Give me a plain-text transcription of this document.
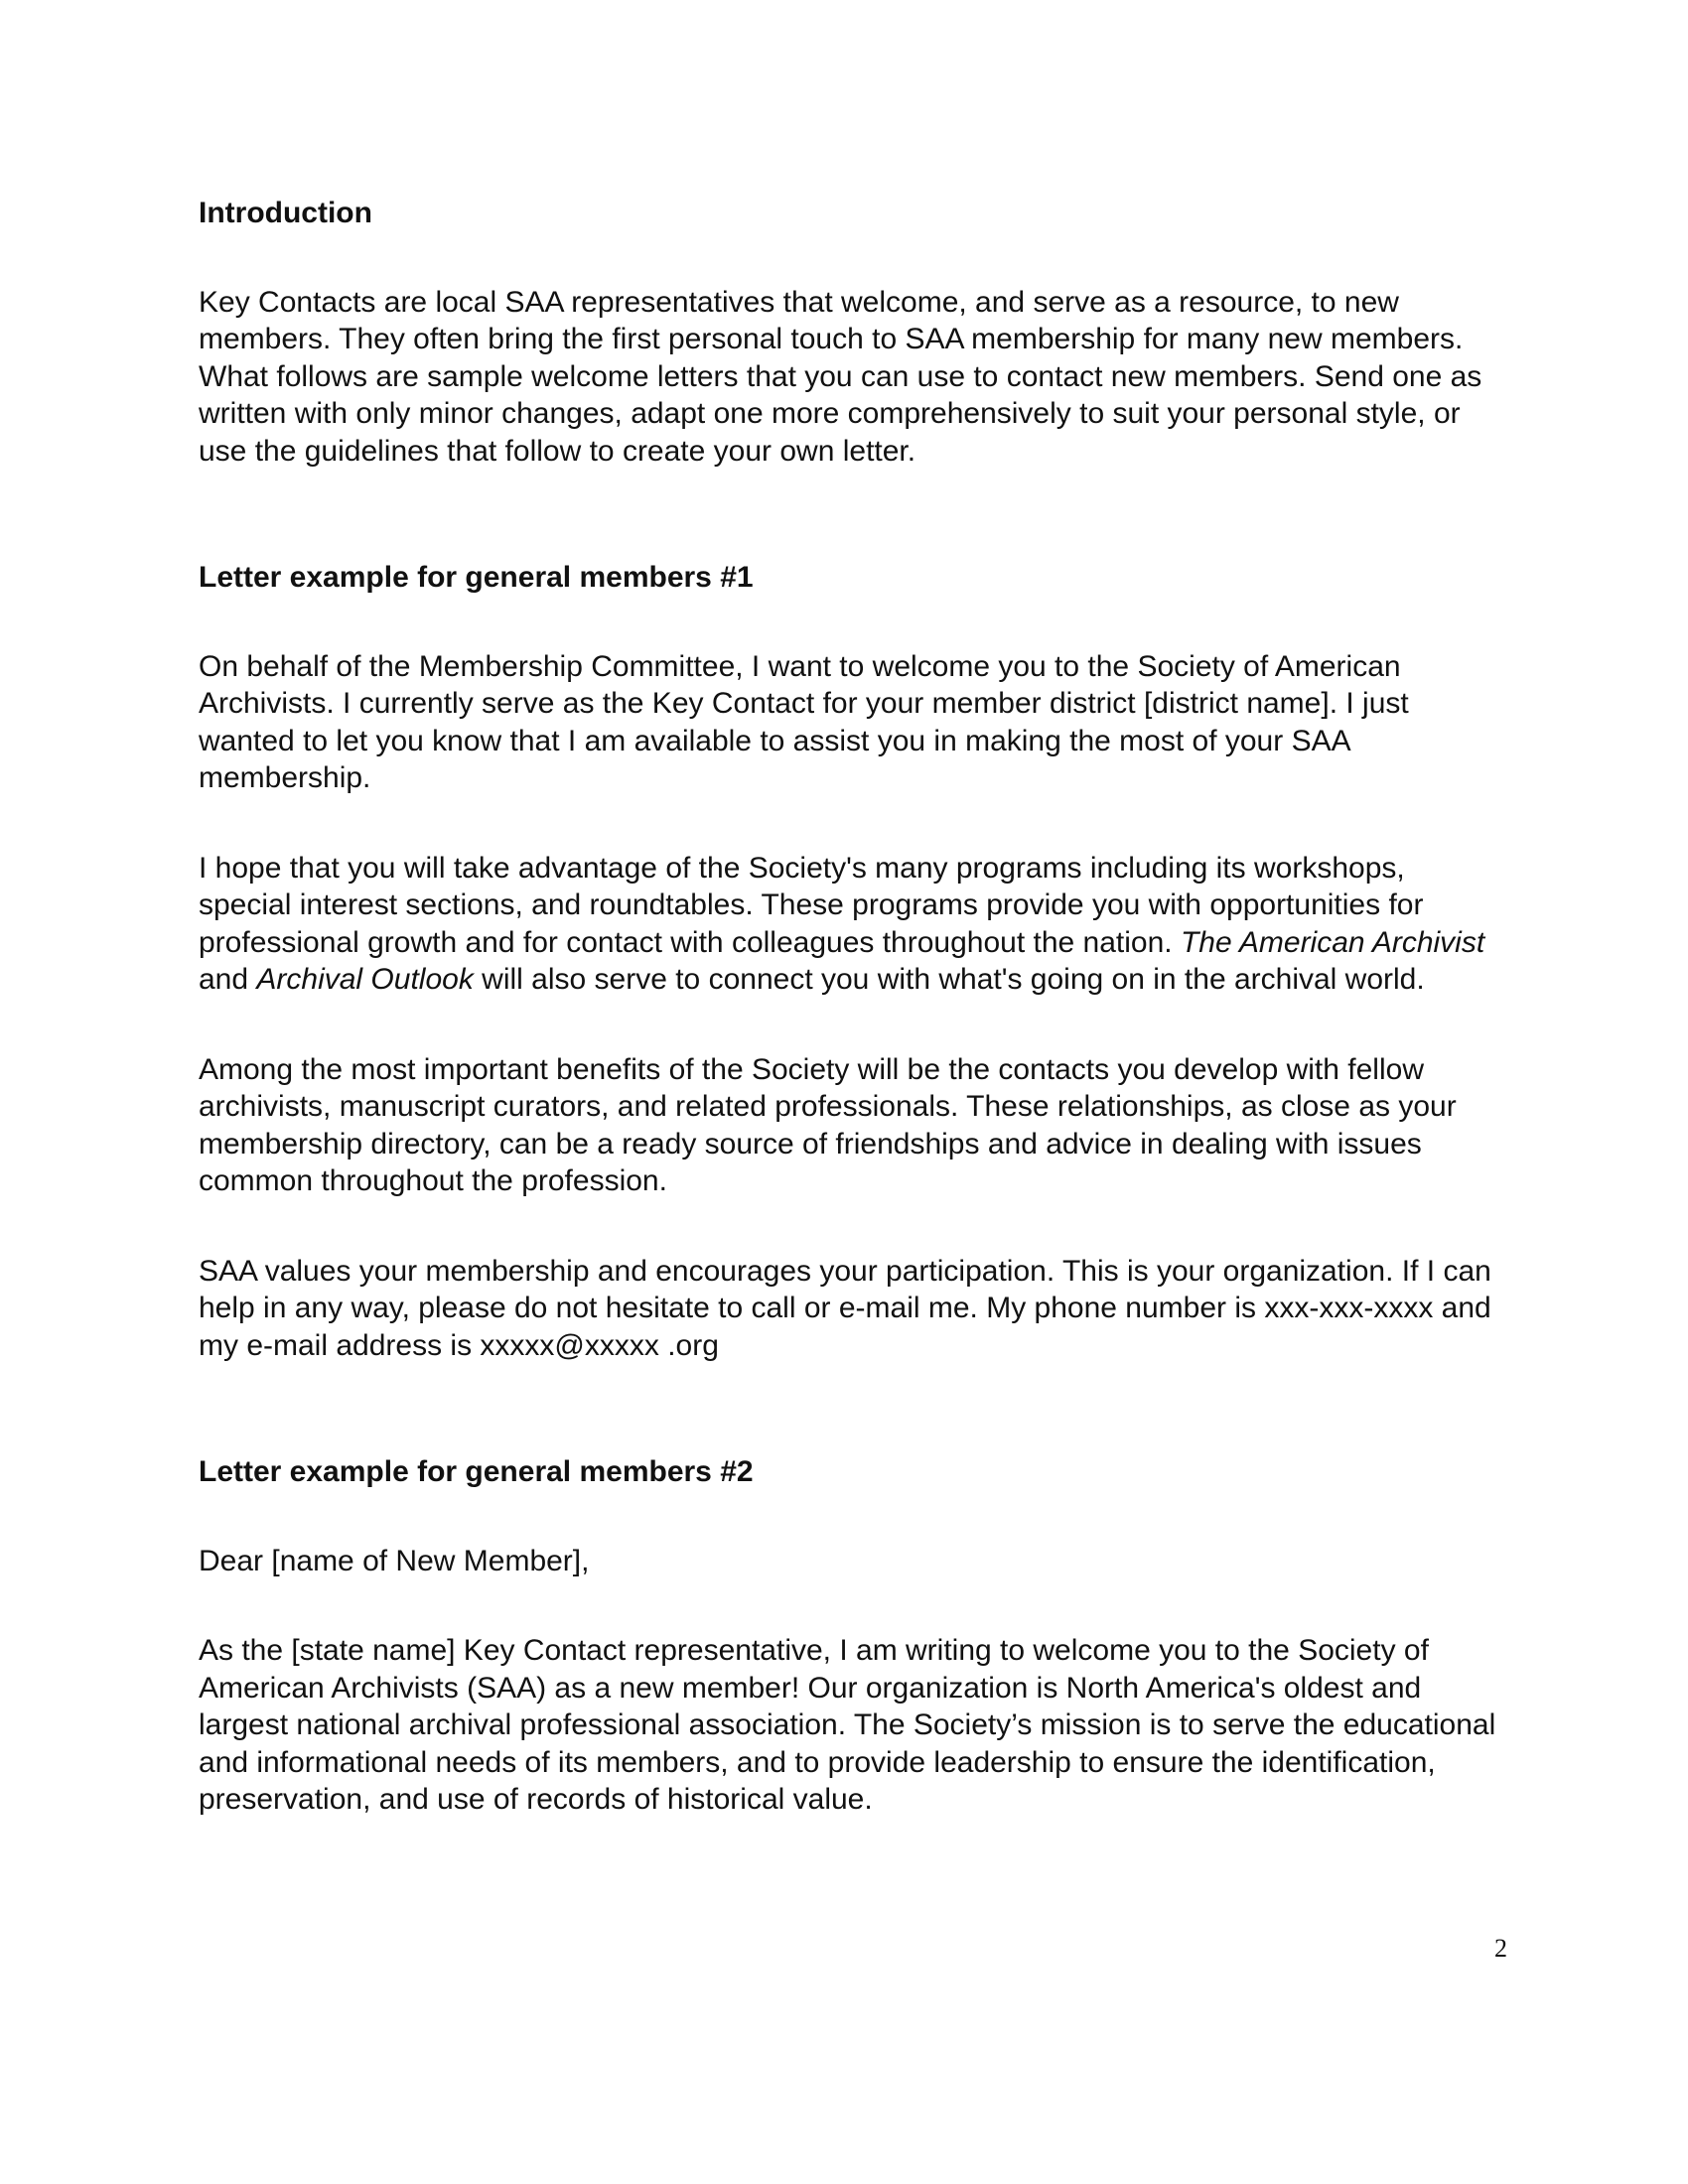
Introduction

Key Contacts are local SAA representatives that welcome, and serve as a resource, to new members. They often bring the first personal touch to SAA membership for many new members. What follows are sample welcome letters that you can use to contact new members. Send one as written with only minor changes, adapt one more comprehensively to suit your personal style, or use the guidelines that follow to create your own letter.

Letter example for general members #1

On behalf of the Membership Committee, I want to welcome you to the Society of American Archivists. I currently serve as the Key Contact for your member district [district name]. I just wanted to let you know that I am available to assist you in making the most of your SAA membership.

I hope that you will take advantage of the Society's many programs including its workshops, special interest sections, and roundtables. These programs provide you with opportunities for professional growth and for contact with colleagues throughout the nation. The American Archivist and Archival Outlook will also serve to connect you with what's going on in the archival world.

Among the most important benefits of the Society will be the contacts you develop with fellow archivists, manuscript curators, and related professionals. These relationships, as close as your membership directory, can be a ready source of friendships and advice in dealing with issues common throughout the profession.

SAA values your membership and encourages your participation. This is your organization. If I can help in any way, please do not hesitate to call or e-mail me. My phone number is xxx-xxx-xxxx and my e-mail address is xxxxx@xxxxx .org

Letter example for general members #2

Dear [name of New Member],

As the [state name] Key Contact representative, I am writing to welcome you to the Society of American Archivists (SAA) as a new member! Our organization is North America's oldest and largest national archival professional association. The Society’s mission is to serve the educational and informational needs of its members, and to provide leadership to ensure the identification, preservation, and use of records of historical value.

2
